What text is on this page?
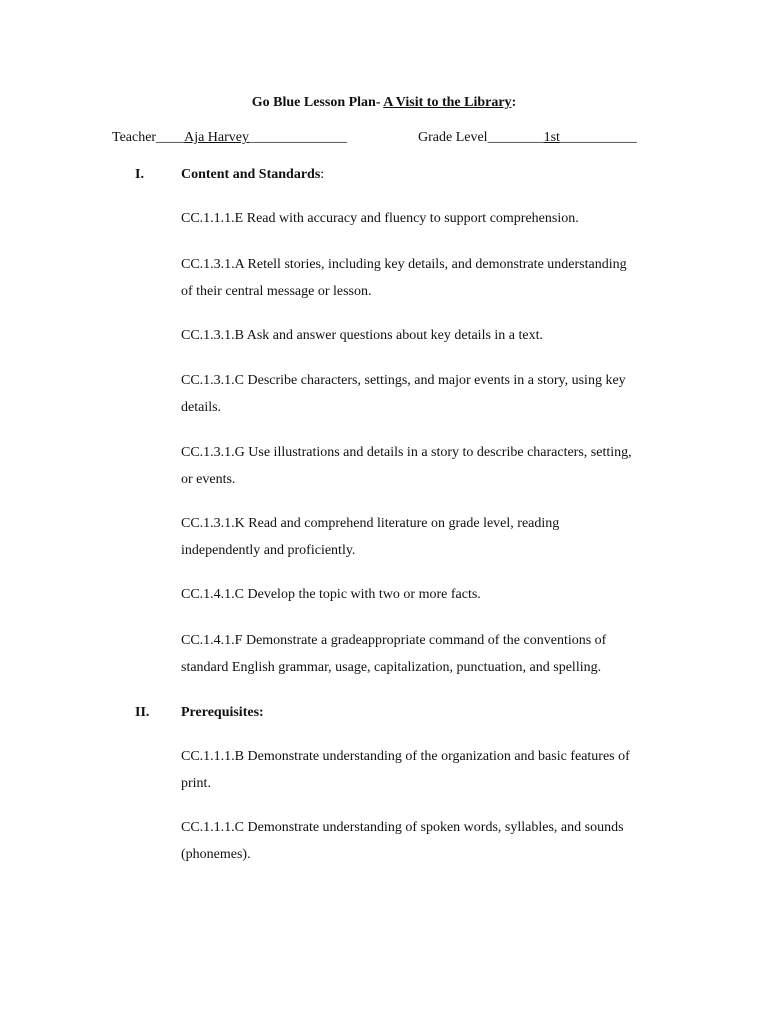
Go Blue Lesson Plan- A Visit to the Library:
Teacher____Aja Harvey______________	Grade Level________1st___________
I.	Content and Standards:
CC.1.1.1.E Read with accuracy and fluency to support comprehension.
CC.1.3.1.A Retell stories, including key details, and demonstrate understanding of their central message or lesson.
CC.1.3.1.B Ask and answer questions about key details in a text.
CC.1.3.1.C Describe characters, settings, and major events in a story, using key details.
CC.1.3.1.G Use illustrations and details in a story to describe characters, setting, or events.
CC.1.3.1.K Read and comprehend literature on grade level, reading independently and proficiently.
CC.1.4.1.C Develop the topic with two or more facts.
CC.1.4.1.F Demonstrate a gradeappropriate command of the conventions of standard English grammar, usage, capitalization, punctuation, and spelling.
II. Prerequisites:
CC.1.1.1.B Demonstrate understanding of the organization and basic features of print.
CC.1.1.1.C Demonstrate understanding of spoken words, syllables, and sounds (phonemes).
